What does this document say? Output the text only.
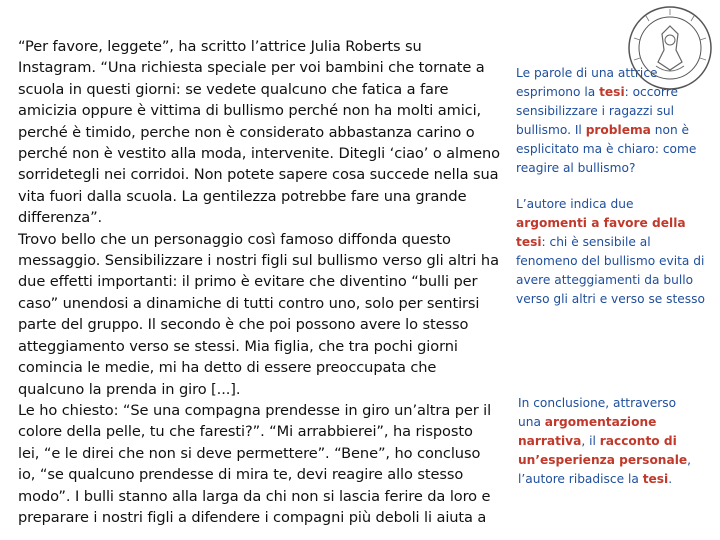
“Per favore, leggete”, ha scritto l’attrice Julia Roberts su
Instagram. “Una richiesta speciale per voi bambini che tornate a
scuola in questi giorni: se vedete qualcuno che fatica a fare
amicizia oppure è vittima di bullismo perché non ha molti amici,
perché è timido, perche non è considerato abbastanza carino o
perché non è vestito alla moda, intervenite. Ditegli ‘ciao’ o almeno
sorridetegli nei corridoi. Non potete sapere cosa succede nella sua
vita fuori dalla scuola. La gentilezza potrebbe fare una grande
differenza”.
Trovo bello che un personaggio così famoso diffonda questo
messaggio. Sensibilizzare i nostri figli sul bullismo verso gli altri ha
due effetti importanti: il primo è evitare che diventino “bulli per
caso” unendosi a dinamiche di tutti contro uno, solo per sentirsi
parte del gruppo. Il secondo è che poi possono avere lo stesso
atteggiamento verso se stessi. Mia figlia, che tra pochi giorni
comincia le medie, mi ha detto di essere preoccupata che
qualcuno la prenda in giro [...].
Le ho chiesto: “Se una compagna prendesse in giro un’altra per il
colore della pelle, tu che faresti?”. “Mi arrabbierei”, ha risposto
lei, “e le direi che non si deve permettere”. “Bene”, ho concluso
io, “se qualcuno prendesse di mira te, devi reagire allo stesso
modo”. I bulli stanno alla larga da chi non si lascia ferire da loro e
preparare i nostri figli a difendere i compagni più deboli li aiuta a

Le parole di una attrice esprimono la tesi: occorre sensibilizzare i ragazzi sul bullismo. Il problema non è esplicitato ma è chiaro: come reagire al bullismo?

L’autore indica due argomenti a favore della tesi: chi è sensibile al fenomeno del bullismo evita di avere atteggiamenti da bullo verso gli altri e verso se stesso

In conclusione, attraverso una argomentazione narrativa, il racconto di un’esperienza personale, l’autore ribadisce la tesi.
